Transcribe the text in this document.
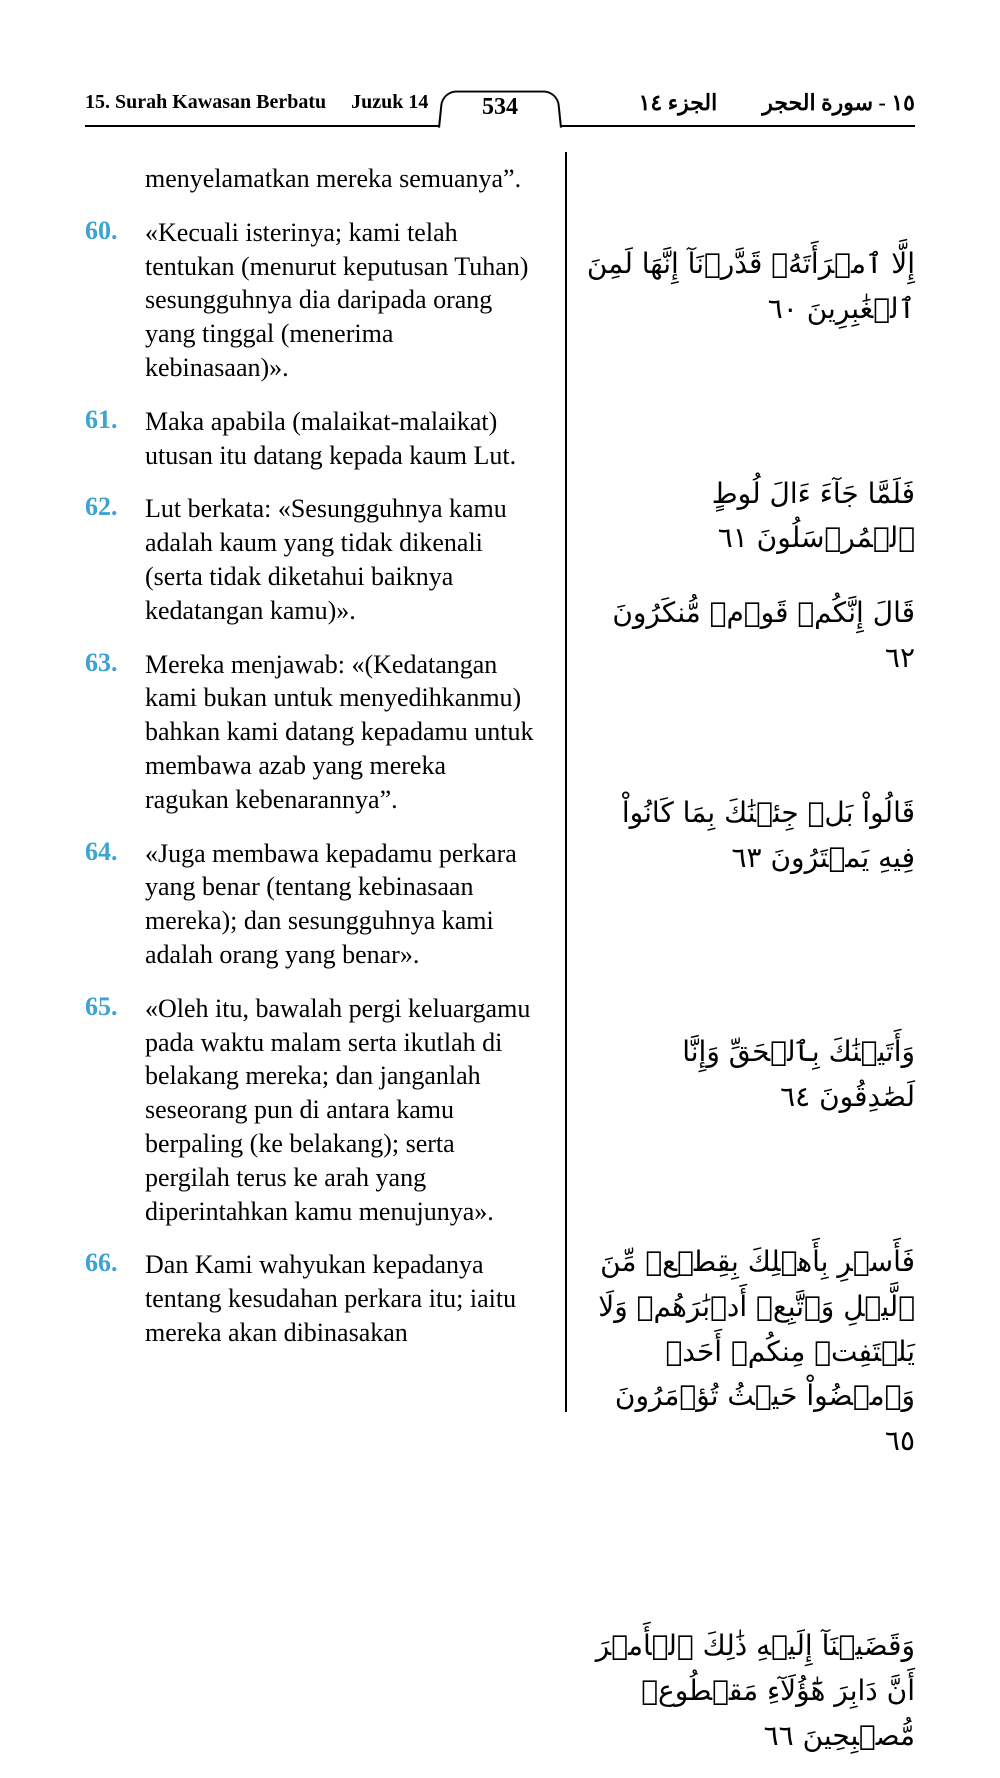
15. Surah Kawasan Berbatu Juzuk 14 534	١٥ - سورة الحجر
الجزء ١٤
menyelamatkan mereka semuanya”.
60.	«Kecuali isterinya; kami telah tentukan (menurut keputusan Tuhan) sesungguhnya dia daripada orang yang tinggal (menerima kebinasaan)».
61.	Maka apabila (malaikat-malaikat) utusan itu datang kepada kaum Lut.
62.	Lut berkata: «Sesungguhnya kamu adalah kaum yang tidak dikenali (serta tidak diketahui baiknya kedatangan kamu)».
63.	Mereka menjawab: «(Kedatangan kami bukan untuk menyedihkanmu) bahkan kami datang kepadamu untuk membawa azab yang mereka ragukan kebenarannya”.
64.	«Juga membawa kepadamu perkara yang benar (tentang kebinasaan mereka); dan sesungguhnya kami adalah orang yang benar».
65.	«Oleh itu, bawalah pergi keluargamu pada waktu malam serta ikutlah di belakang mereka; dan janganlah seseorang pun di antara kamu berpaling (ke belakang); serta pergilah terus ke arah yang diperintahkan kamu menujunya».
66.	Dan Kami wahyukan kepadanya tentang kesudahan perkara itu; iaitu mereka akan dibinasakan
إِلَّا ٱمۡرَأَتَهُۥ قَدَّرۡنَآ إِنَّهَا لَمِنَ ٱلۡغَٰبِرِينَ ٦٠
فَلَمَّا جَآءَ ءَالَ لُوطٍ ٱلۡمُرۡسَلُونَ ٦١
قَالَ إِنَّكُمۡ قَوۡمٞ مُّنكَرُونَ ٦٢
قَالُواْ بَلۡ جِئۡنَٰكَ بِمَا كَانُواْ فِيهِ يَمۡتَرُونَ ٦٣
وَأَتَيۡنَٰكَ بِٱلۡحَقِّ وَإِنَّا لَصَٰدِقُونَ ٦٤
فَأَسۡرِ بِأَهۡلِكَ بِقِطۡعٖ مِّنَ ٱلَّيۡلِ وَٱتَّبِعۡ أَدۡبَٰرَهُمۡ وَلَا يَلۡتَفِتۡ مِنكُمۡ أَحَدٞ وَٱمۡضُواْ حَيۡثُ تُؤۡمَرُونَ ٦٥
وَقَضَيۡنَآ إِلَيۡهِ ذَٰلِكَ ٱلۡأَمۡرَ أَنَّ دَابِرَ هَٰٓؤُلَآءِ مَقۡطُوعٞ مُّصۡبِحِينَ ٦٦
